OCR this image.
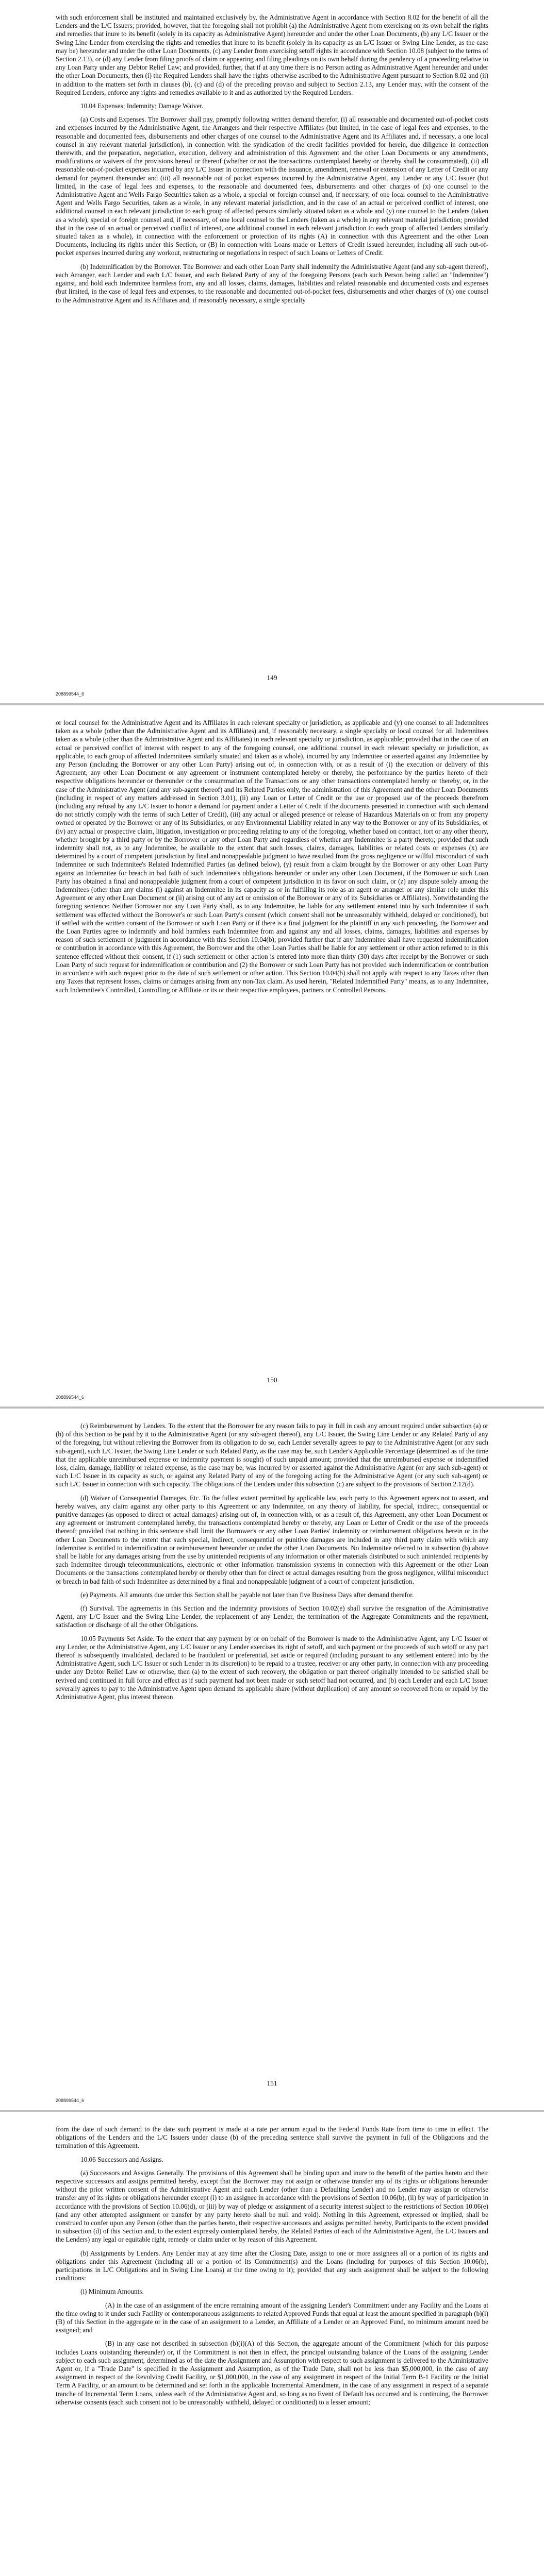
with such enforcement shall be instituted and maintained exclusively by, the Administrative Agent in accordance with Section 8.02 for the benefit of all the Lenders and the L/C Issuers; provided, however, that the foregoing shall not prohibit (a) the Administrative Agent from exercising on its own behalf the rights and remedies that inure to its benefit (solely in its capacity as Administrative Agent) hereunder and under the other Loan Documents, (b) any L/C Issuer or the Swing Line Lender from exercising the rights and remedies that inure to its benefit (solely in its capacity as an L/C Issuer or Swing Line Lender, as the case may be) hereunder and under the other Loan Documents, (c) any Lender from exercising setoff rights in accordance with Section 10.08 (subject to the terms of Section 2.13), or (d) any Lender from filing proofs of claim or appearing and filing pleadings on its own behalf during the pendency of a proceeding relative to any Loan Party under any Debtor Relief Law; and provided, further, that if at any time there is no Person acting as Administrative Agent hereunder and under the other Loan Documents, then (i) the Required Lenders shall have the rights otherwise ascribed to the Administrative Agent pursuant to Section 8.02 and (ii) in addition to the matters set forth in clauses (b), (c) and (d) of the preceding proviso and subject to Section 2.13, any Lender may, with the consent of the Required Lenders, enforce any rights and remedies available to it and as authorized by the Required Lenders.

10.04 Expenses; Indemnity; Damage Waiver.

(a) Costs and Expenses. The Borrower shall pay, promptly following written demand therefor, (i) all reasonable and documented out-of-pocket costs and expenses incurred by the Administrative Agent, the Arrangers and their respective Affiliates (but limited, in the case of legal fees and expenses, to the reasonable and documented fees, disbursements and other charges of one counsel to the Administrative Agent and its Affiliates and, if necessary, a one local counsel in any relevant material jurisdiction), in connection with the syndication of the credit facilities provided for herein, due diligence in connection therewith, and the preparation, negotiation, execution, delivery and administration of this Agreement and the other Loan Documents or any amendments, modifications or waivers of the provisions hereof or thereof (whether or not the transactions contemplated hereby or thereby shall be consummated), (ii) all reasonable out-of-pocket expenses incurred by any L/C Issuer in connection with the issuance, amendment, renewal or extension of any Letter of Credit or any demand for payment thereunder and (iii) all reasonable out of pocket expenses incurred by the Administrative Agent, any Lender or any L/C Issuer (but limited, in the case of legal fees and expenses, to the reasonable and documented fees, disbursements and other charges of (x) one counsel to the Administrative Agent and Wells Fargo Securities taken as a whole, a special or foreign counsel and, if necessary, of one local counsel to the Administrative Agent and Wells Fargo Securities, taken as a whole, in any relevant material jurisdiction, and in the case of an actual or perceived conflict of interest, one additional counsel in each relevant jurisdiction to each group of affected persons similarly situated taken as a whole and (y) one counsel to the Lenders (taken as a whole), special or foreign counsel and, if necessary, of one local counsel to the Lenders (taken as a whole) in any relevant material jurisdiction; provided that in the case of an actual or perceived conflict of interest, one additional counsel in each relevant jurisdiction to each group of affected Lenders similarly situated taken as a whole), in connection with the enforcement or protection of its rights (A) in connection with this Agreement and the other Loan Documents, including its rights under this Section, or (B) in connection with Loans made or Letters of Credit issued hereunder, including all such out-of-pocket expenses incurred during any workout, restructuring or negotiations in respect of such Loans or Letters of Credit.

(b) Indemnification by the Borrower. The Borrower and each other Loan Party shall indemnify the Administrative Agent (and any sub-agent thereof), each Arranger, each Lender and each L/C Issuer, and each Related Party of any of the foregoing Persons (each such Person being called an "Indemnitee") against, and hold each Indemnitee harmless from, any and all losses, claims, damages, liabilities and related reasonable and documented costs and expenses (but limited, in the case of legal fees and expenses, to the reasonable and documented out-of-pocket fees, disbursements and other charges of (x) one counsel to the Administrative Agent and its Affiliates and, if reasonably necessary, a single specialty

149
208899544_6

or local counsel for the Administrative Agent and its Affiliates in each relevant specialty or jurisdiction, as applicable and (y) one counsel to all Indemnitees taken as a whole (other than the Administrative Agent and its Affiliates) and, if reasonably necessary, a single specialty or local counsel for all Indemnitees taken as a whole (other than the Administrative Agent and its Affiliates) in each relevant specialty or jurisdiction, as applicable; provided that in the case of an actual or perceived conflict of interest with respect to any of the foregoing counsel, one additional counsel in each relevant specialty or jurisdiction, as applicable, to each group of affected Indemnitees similarly situated and taken as a whole), incurred by any Indemnitee or asserted against any Indemnitee by any Person (including the Borrower or any other Loan Party) arising out of, in connection with, or as a result of (i) the execution or delivery of this Agreement, any other Loan Document or any agreement or instrument contemplated hereby or thereby, the performance by the parties hereto of their respective obligations hereunder or thereunder or the consummation of the Transactions or any other transactions contemplated hereby or thereby, or, in the case of the Administrative Agent (and any sub-agent thereof) and its Related Parties only, the administration of this Agreement and the other Loan Documents (including in respect of any matters addressed in Section 3.01), (ii) any Loan or Letter of Credit or the use or proposed use of the proceeds therefrom (including any refusal by any L/C Issuer to honor a demand for payment under a Letter of Credit if the documents presented in connection with such demand do not strictly comply with the terms of such Letter of Credit), (iii) any actual or alleged presence or release of Hazardous Materials on or from any property owned or operated by the Borrower or any of its Subsidiaries, or any Environmental Liability related in any way to the Borrower or any of its Subsidiaries, or (iv) any actual or prospective claim, litigation, investigation or proceeding relating to any of the foregoing, whether based on contract, tort or any other theory, whether brought by a third party or by the Borrower or any other Loan Party and regardless of whether any Indemnitee is a party thereto; provided that such indemnity shall not, as to any Indemnitee, be available to the extent that such losses, claims, damages, liabilities or related costs or expenses (x) are determined by a court of competent jurisdiction by final and nonappealable judgment to have resulted from the gross negligence or willful misconduct of such Indemnitee or such Indemnitee's Related Indemnified Parties (as defined below), (y) result from a claim brought by the Borrower or any other Loan Party against an Indemnitee for breach in bad faith of such Indemnitee's obligations hereunder or under any other Loan Document, if the Borrower or such Loan Party has obtained a final and nonappealable judgment from a court of competent jurisdiction in its favor on such claim, or (z) any dispute solely among the Indemnitees (other than any claims (i) against an Indemnitee in its capacity as or in fulfilling its role as an agent or arranger or any similar role under this Agreement or any other Loan Document or (ii) arising out of any act or omission of the Borrower or any of its Subsidiaries or Affiliates). Notwithstanding the foregoing sentence: Neither Borrower nor any Loan Party shall, as to any Indemnitee, be liable for any settlement entered into by such Indemnitee if such settlement was effected without the Borrower's or such Loan Party's consent (which consent shall not be unreasonably withheld, delayed or conditioned), but if settled with the written consent of the Borrower or such Loan Party or if there is a final judgment for the plaintiff in any such proceeding, the Borrower and the Loan Parties agree to indemnify and hold harmless each Indemnitee from and against any and all losses, claims, damages, liabilities and expenses by reason of such settlement or judgment in accordance with this Section 10.04(b); provided further that if any Indemnitee shall have requested indemnification or contribution in accordance with this Agreement, the Borrower and the other Loan Parties shall be liable for any settlement or other action referred to in this sentence effected without their consent, if (1) such settlement or other action is entered into more than thirty (30) days after receipt by the Borrower or such Loan Party of such request for indemnification or contribution and (2) the Borrower or such Loan Party has not provided such indemnification or contribution in accordance with such request prior to the date of such settlement or other action. This Section 10.04(b) shall not apply with respect to any Taxes other than any Taxes that represent losses, claims or damages arising from any non-Tax claim. As used herein, "Related Indemnified Party" means, as to any Indemnitee, such Indemnitee's Controlled, Controlling or Affiliate or its or their respective employees, partners or Controlled Persons.

150
208899544_6

(c) Reimbursement by Lenders. To the extent that the Borrower for any reason fails to pay in full in cash any amount required under subsection (a) or (b) of this Section to be paid by it to the Administrative Agent (or any sub-agent thereof), any L/C Issuer, the Swing Line Lender or any Related Party of any of the foregoing, but without relieving the Borrower from its obligation to do so, each Lender severally agrees to pay to the Administrative Agent (or any such sub-agent), such L/C Issuer, the Swing Line Lender or such Related Party, as the case may be, such Lender's Applicable Percentage (determined as of the time that the applicable unreimbursed expense or indemnity payment is sought) of such unpaid amount; provided that the unreimbursed expense or indemnified loss, claim, damage, liability or related expense, as the case may be, was incurred by or asserted against the Administrative Agent (or any such sub-agent) or such L/C Issuer in its capacity as such, or against any Related Party of any of the foregoing acting for the Administrative Agent (or any such sub-agent) or such L/C Issuer in connection with such capacity. The obligations of the Lenders under this subsection (c) are subject to the provisions of Section 2.12(d).

(d) Waiver of Consequential Damages, Etc. To the fullest extent permitted by applicable law, each party to this Agreement agrees not to assert, and hereby waives, any claim against any other party to this Agreement or any Indemnitee, on any theory of liability, for special, indirect, consequential or punitive damages (as opposed to direct or actual damages) arising out of, in connection with, or as a result of, this Agreement, any other Loan Document or any agreement or instrument contemplated hereby, the transactions contemplated hereby or thereby, any Loan or Letter of Credit or the use of the proceeds thereof; provided that nothing in this sentence shall limit the Borrower's or any other Loan Parties' indemnity or reimbursement obligations herein or in the other Loan Documents to the extent that such special, indirect, consequential or punitive damages are included in any third party claim with which any Indemnitee is entitled to indemnification or reimbursement hereunder or under the other Loan Documents. No Indemnitee referred to in subsection (b) above shall be liable for any damages arising from the use by unintended recipients of any information or other materials distributed to such unintended recipients by such Indemnitee through telecommunications, electronic or other information transmission systems in connection with this Agreement or the other Loan Documents or the transactions contemplated hereby or thereby other than for direct or actual damages resulting from the gross negligence, willful misconduct or breach in bad faith of such Indemnitee as determined by a final and nonappealable judgment of a court of competent jurisdiction.

(e) Payments. All amounts due under this Section shall be payable not later than five Business Days after demand therefor.

(f) Survival. The agreements in this Section and the indemnity provisions of Section 10.02(e) shall survive the resignation of the Administrative Agent, any L/C Issuer and the Swing Line Lender, the replacement of any Lender, the termination of the Aggregate Commitments and the repayment, satisfaction or discharge of all the other Obligations.

10.05 Payments Set Aside. To the extent that any payment by or on behalf of the Borrower is made to the Administrative Agent, any L/C Issuer or any Lender, or the Administrative Agent, any L/C Issuer or any Lender exercises its right of setoff, and such payment or the proceeds of such setoff or any part thereof is subsequently invalidated, declared to be fraudulent or preferential, set aside or required (including pursuant to any settlement entered into by the Administrative Agent, such L/C Issuer or such Lender in its discretion) to be repaid to a trustee, receiver or any other party, in connection with any proceeding under any Debtor Relief Law or otherwise, then (a) to the extent of such recovery, the obligation or part thereof originally intended to be satisfied shall be revived and continued in full force and effect as if such payment had not been made or such setoff had not occurred, and (b) each Lender and each L/C Issuer severally agrees to pay to the Administrative Agent upon demand its applicable share (without duplication) of any amount so recovered from or repaid by the Administrative Agent, plus interest thereon

151
208899544_6

from the date of such demand to the date such payment is made at a rate per annum equal to the Federal Funds Rate from time to time in effect. The obligations of the Lenders and the L/C Issuers under clause (b) of the preceding sentence shall survive the payment in full of the Obligations and the termination of this Agreement.

10.06 Successors and Assigns.

(a) Successors and Assigns Generally. The provisions of this Agreement shall be binding upon and inure to the benefit of the parties hereto and their respective successors and assigns permitted hereby, except that the Borrower may not assign or otherwise transfer any of its rights or obligations hereunder without the prior written consent of the Administrative Agent and each Lender (other than a Defaulting Lender) and no Lender may assign or otherwise transfer any of its rights or obligations hereunder except (i) to an assignee in accordance with the provisions of Section 10.06(b), (ii) by way of participation in accordance with the provisions of Section 10.06(d), or (iii) by way of pledge or assignment of a security interest subject to the restrictions of Section 10.06(e) (and any other attempted assignment or transfer by any party hereto shall be null and void). Nothing in this Agreement, expressed or implied, shall be construed to confer upon any Person (other than the parties hereto, their respective successors and assigns permitted hereby, Participants to the extent provided in subsection (d) of this Section and, to the extent expressly contemplated hereby, the Related Parties of each of the Administrative Agent, the L/C Issuers and the Lenders) any legal or equitable right, remedy or claim under or by reason of this Agreement.

(b) Assignments by Lenders. Any Lender may at any time after the Closing Date, assign to one or more assignees all or a portion of its rights and obligations under this Agreement (including all or a portion of its Commitment(s) and the Loans (including for purposes of this Section 10.06(b), participations in L/C Obligations and in Swing Line Loans) at the time owing to it); provided that any such assignment shall be subject to the following conditions:

(i) Minimum Amounts.

(A) in the case of an assignment of the entire remaining amount of the assigning Lender's Commitment under any Facility and the Loans at the time owing to it under such Facility or contemporaneous assignments to related Approved Funds that equal at least the amount specified in paragraph (b)(i)(B) of this Section in the aggregate or in the case of an assignment to a Lender, an Affiliate of a Lender or an Approved Fund, no minimum amount need be assigned; and

(B) in any case not described in subsection (b)(i)(A) of this Section, the aggregate amount of the Commitment (which for this purpose includes Loans outstanding thereunder) or, if the Commitment is not then in effect, the principal outstanding balance of the Loans of the assigning Lender subject to each such assignment, determined as of the date the Assignment and Assumption with respect to such assignment is delivered to the Administrative Agent or, if a "Trade Date" is specified in the Assignment and Assumption, as of the Trade Date, shall not be less than $5,000,000, in the case of any assignment in respect of the Revolving Credit Facility, or $1,000,000, in the case of any assignment in respect of the Initial Term B-1 Facility or the Initial Term A Facility, or an amount to be determined and set forth in the applicable Incremental Amendment, in the case of any assignment in respect of a separate tranche of Incremental Term Loans, unless each of the Administrative Agent and, so long as no Event of Default has occurred and is continuing, the Borrower otherwise consents (each such consent not to be unreasonably withheld, delayed or conditioned) to a lesser amount;
